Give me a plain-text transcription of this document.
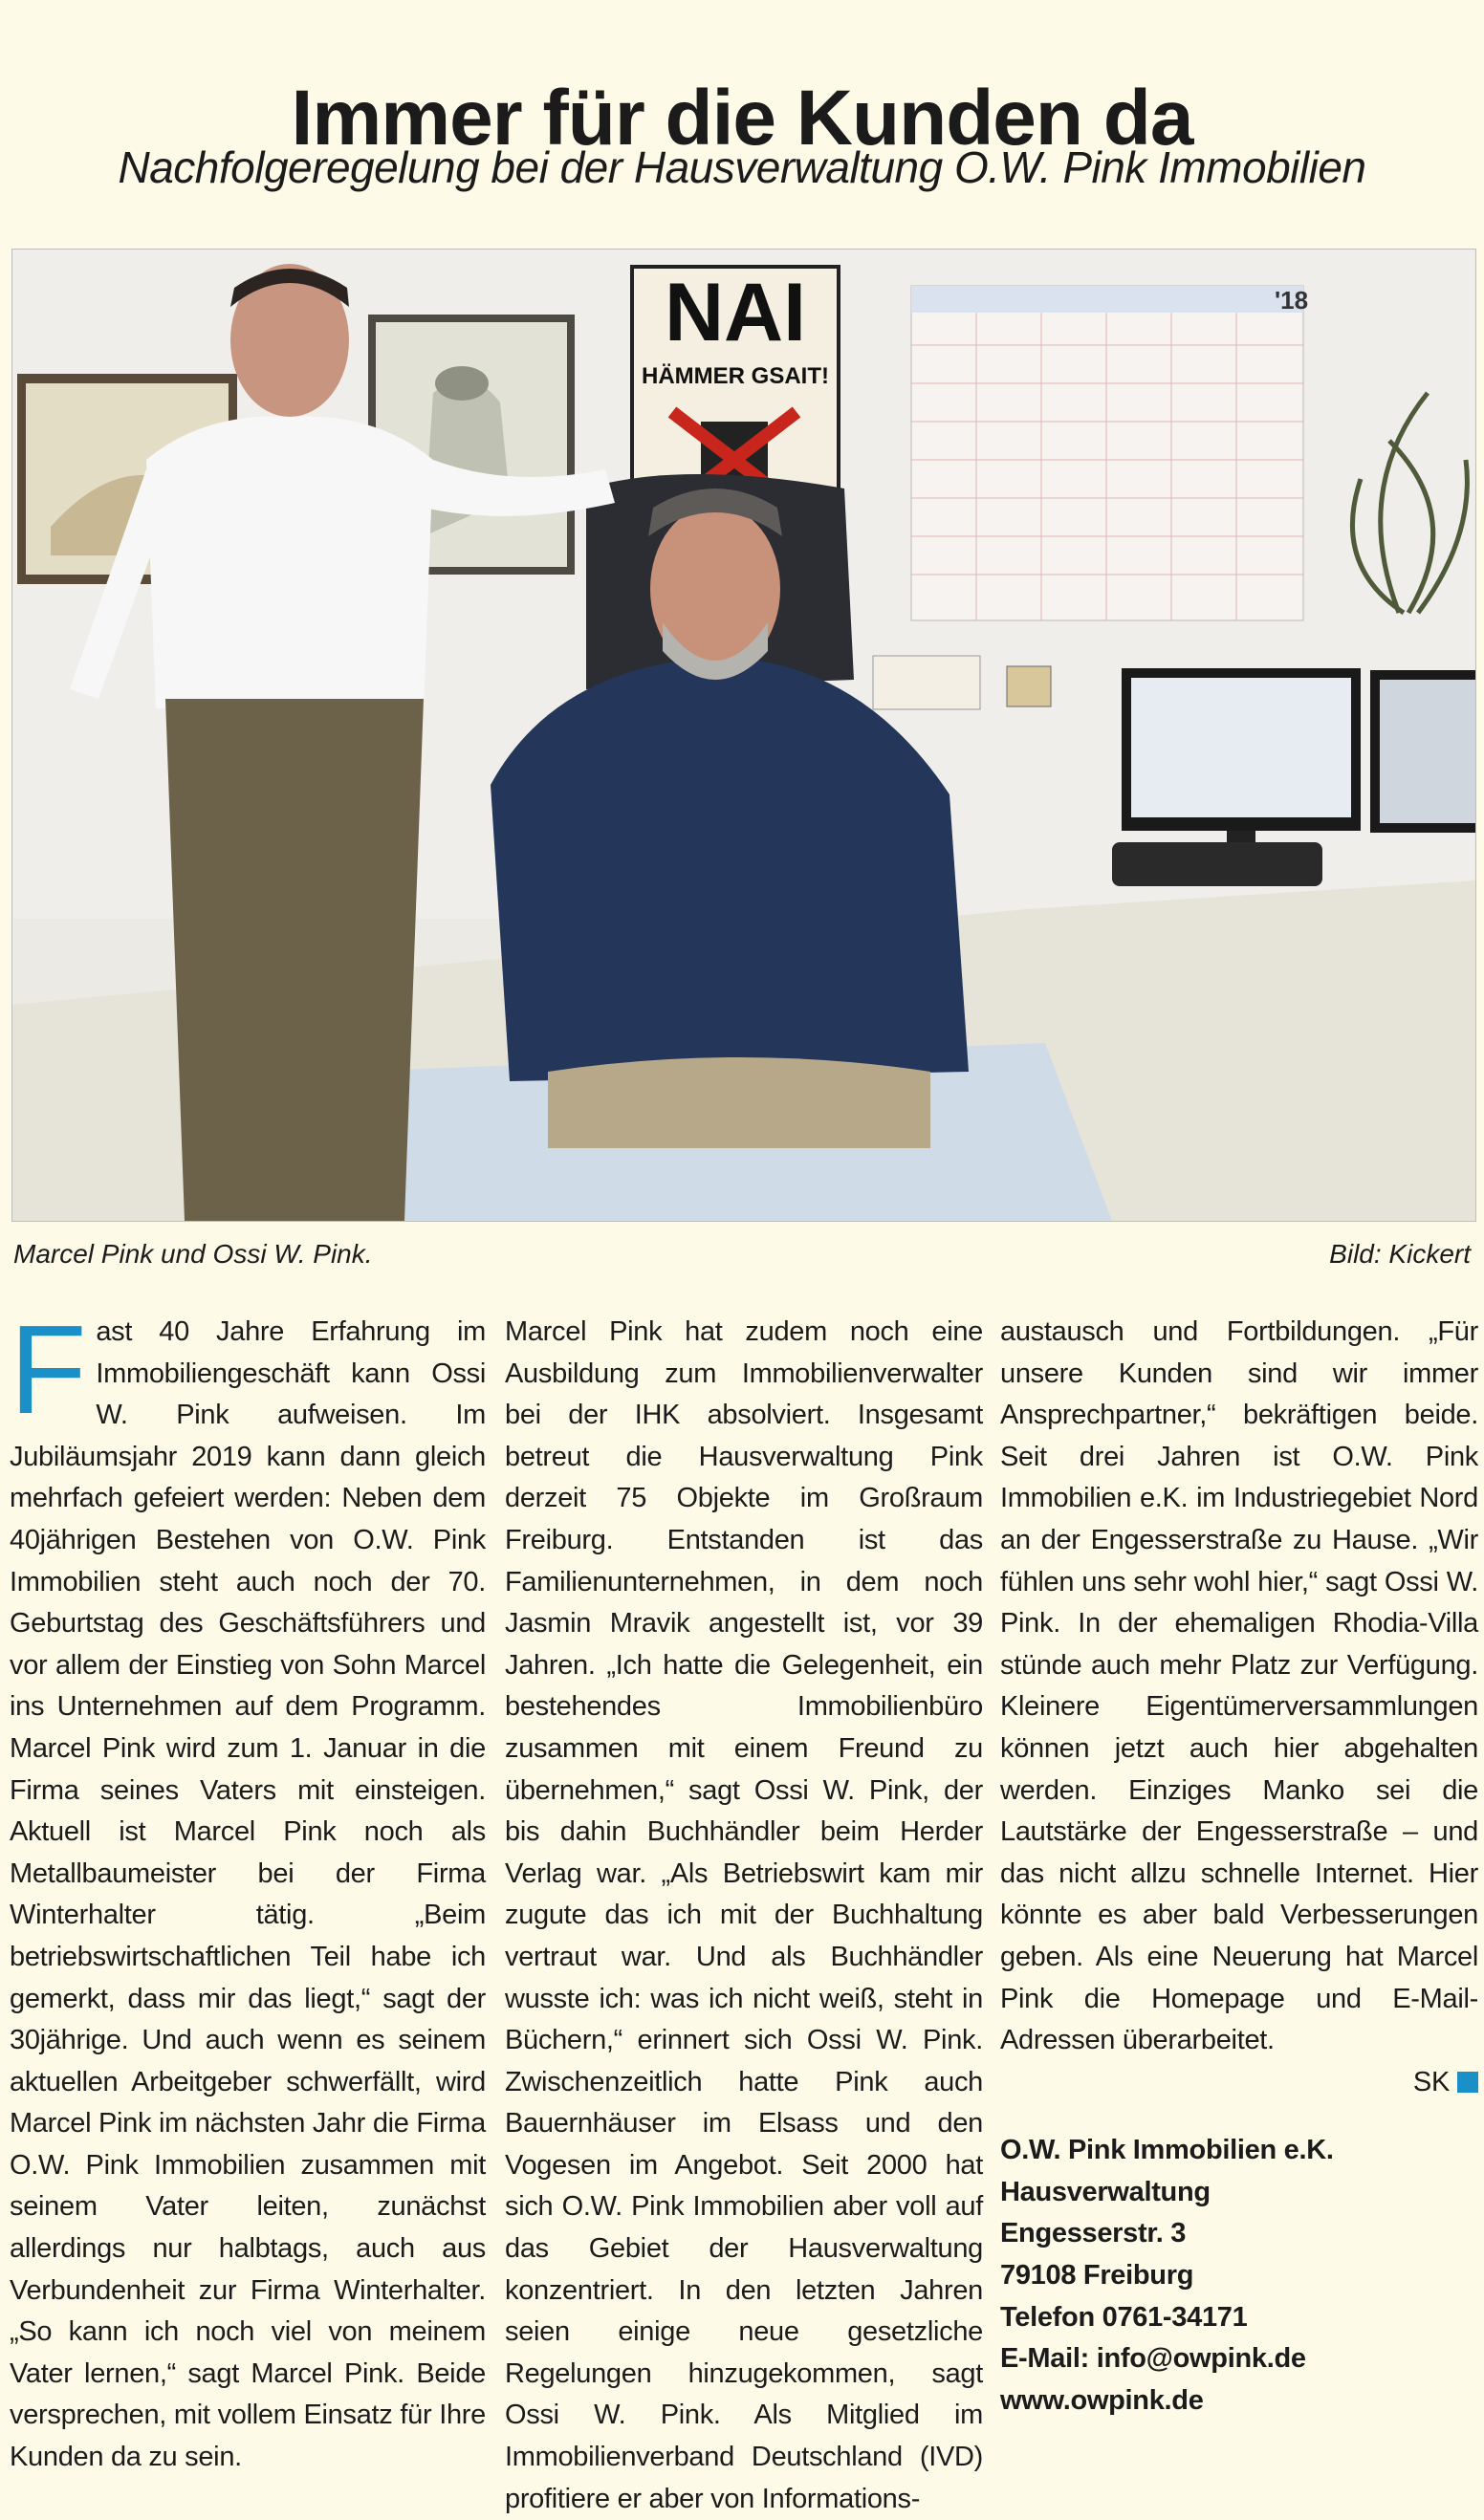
Immer für die Kunden da
Nachfolgeregelung bei der Hausverwaltung O.W. Pink Immobilien
NAI
HÄMMER GSAIT!
'18
Marcel Pink und Ossi W. Pink.	Bild: Kickert
Fast 40 Jahre Erfahrung im Immobiliengeschäft kann Ossi W. Pink aufweisen. Im Jubiläumsjahr 2019 kann dann gleich mehrfach gefeiert werden: Neben dem 40jährigen Bestehen von O.W. Pink Immobilien steht auch noch der 70. Geburtstag des Geschäftsführers und vor allem der Einstieg von Sohn Marcel ins Unternehmen auf dem Programm. Marcel Pink wird zum 1. Januar in die Firma seines Vaters mit einsteigen. Aktuell ist Marcel Pink noch als Metallbaumeister bei der Firma Winterhalter tätig. „Beim betriebswirtschaftlichen Teil habe ich gemerkt, dass mir das liegt,“ sagt der 30jährige. Und auch wenn es seinem aktuellen Arbeitgeber schwerfällt, wird Marcel Pink im nächsten Jahr die Firma O.W. Pink Immobilien zusammen mit seinem Vater leiten, zunächst allerdings nur halbtags, auch aus Verbundenheit zur Firma Winterhalter. „So kann ich noch viel von meinem Vater lernen,“ sagt Marcel Pink. Beide versprechen, mit vollem Einsatz für Ihre Kunden da zu sein.
Marcel Pink hat zudem noch eine Ausbildung zum Immobilienverwalter bei der IHK absolviert. Insgesamt betreut die Hausverwaltung Pink derzeit 75 Objekte im Großraum Freiburg. Entstanden ist das Familienunternehmen, in dem noch Jasmin Mravik angestellt ist, vor 39 Jahren. „Ich hatte die Gelegenheit, ein bestehendes Immobilienbüro zusammen mit einem Freund zu übernehmen,“ sagt Ossi W. Pink, der bis dahin Buchhändler beim Herder Verlag war. „Als Betriebswirt kam mir zugute das ich mit der Buchhaltung vertraut war. Und als Buchhändler wusste ich: was ich nicht weiß, steht in Büchern,“ erinnert sich Ossi W. Pink. Zwischenzeitlich hatte Pink auch Bauernhäuser im Elsass und den Vogesen im Angebot. Seit 2000 hat sich O.W. Pink Immobilien aber voll auf das Gebiet der Hausverwaltung konzentriert. In den letzten Jahren seien einige neue gesetzliche Regelungen hinzugekommen, sagt Ossi W. Pink. Als Mitglied im Immobilienverband Deutschland (IVD) profitiere er aber von Informations-
austausch und Fortbildungen. „Für unsere Kunden sind wir immer Ansprechpartner,“ bekräftigen beide. Seit drei Jahren ist O.W. Pink Immobilien e.K. im Industriegebiet Nord an der Engesserstraße zu Hause. „Wir fühlen uns sehr wohl hier,“ sagt Ossi W. Pink. In der ehemaligen Rhodia-Villa stünde auch mehr Platz zur Verfügung. Kleinere Eigentümerversammlungen können jetzt auch hier abgehalten werden. Einziges Manko sei die Lautstärke der Engesserstraße – und das nicht allzu schnelle Internet. Hier könnte es aber bald Verbesserungen geben. Als eine Neuerung hat Marcel Pink die Homepage und E-Mail-Adressen überarbeitet.
SK
O.W. Pink Immobilien e.K.
Hausverwaltung
Engesserstr. 3
79108 Freiburg
Telefon 0761-34171
E-Mail: info@owpink.de
www.owpink.de
